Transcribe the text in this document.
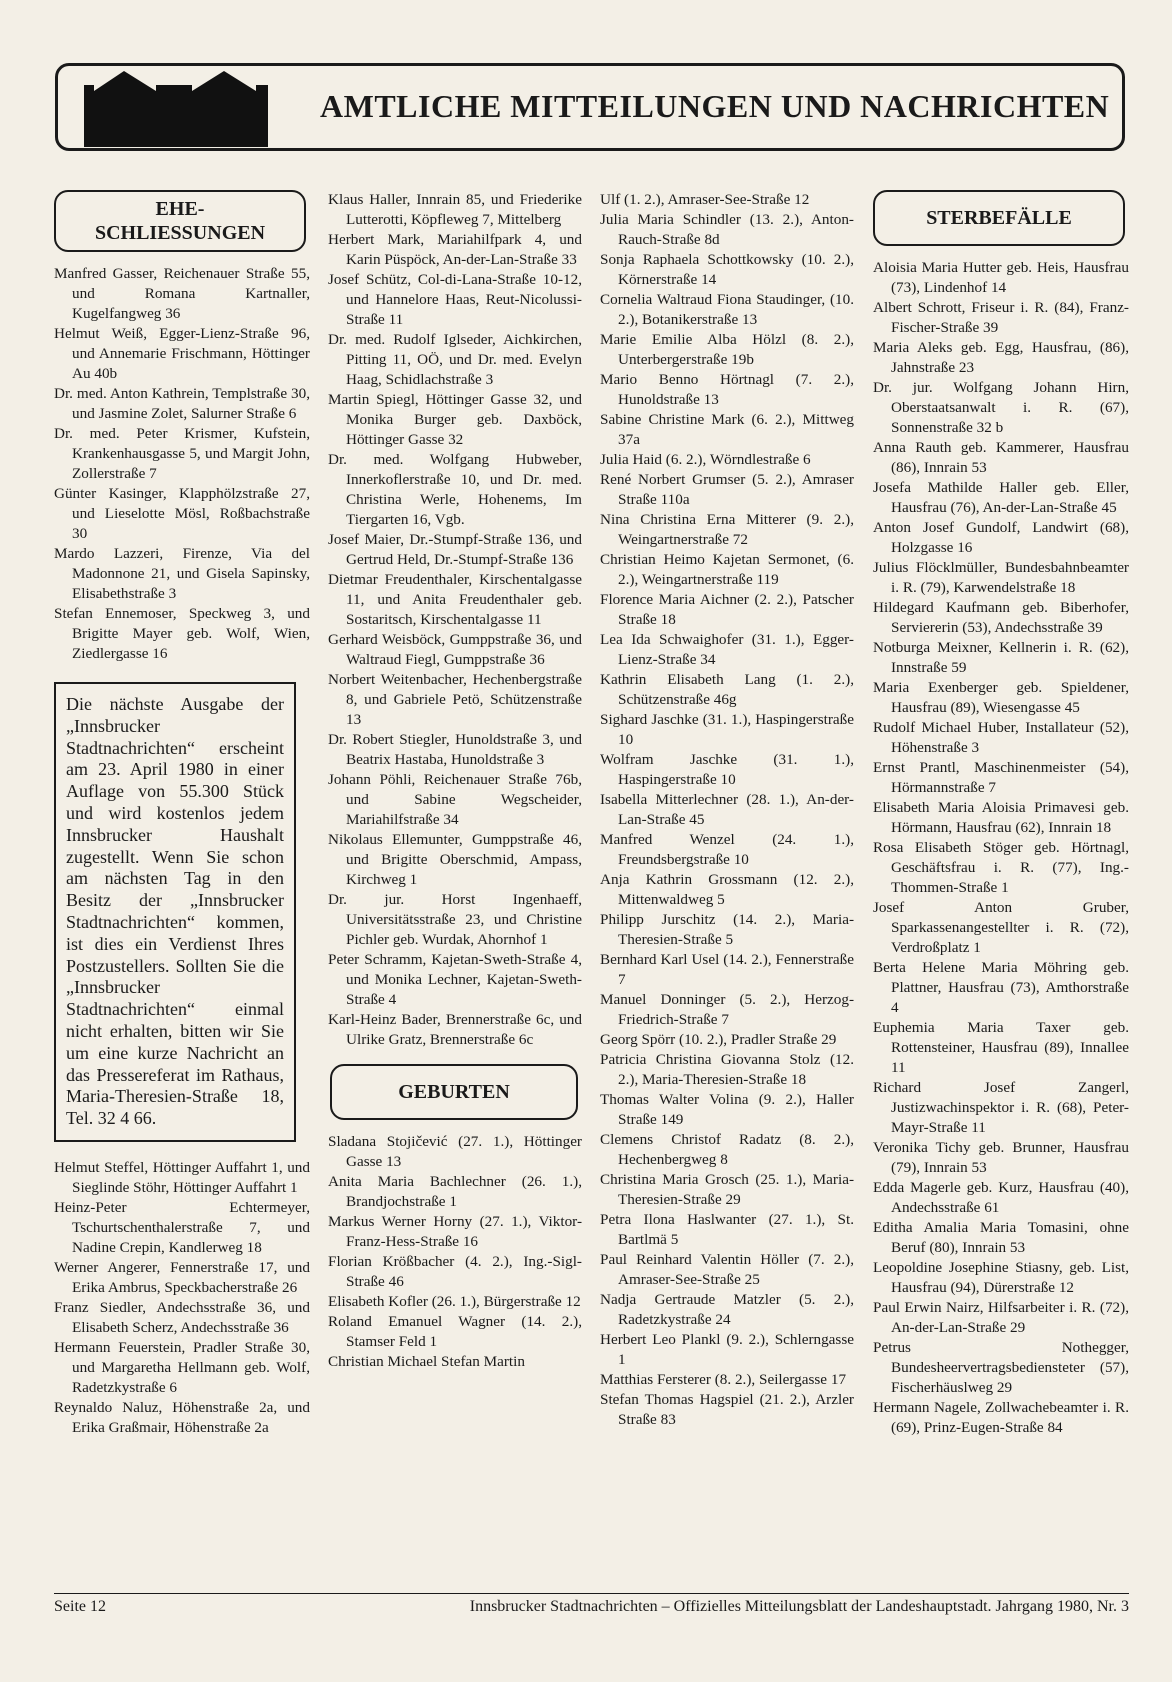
AMTLICHE MITTEILUNGEN UND NACHRICHTEN
EHE-
SCHLIESSUNGEN
Manfred Gasser, Reichenauer Straße 55, und Romana Kartnaller, Kugelfangweg 36
Helmut Weiß, Egger-Lienz-Straße 96, und Annemarie Frischmann, Höttinger Au 40b
Dr. med. Anton Kathrein, Templstraße 30, und Jasmine Zolet, Salurner Straße 6
Dr. med. Peter Krismer, Kufstein, Krankenhausgasse 5, und Margit John, Zollerstraße 7
Günter Kasinger, Klapphölzstraße 27, und Lieselotte Mösl, Roßbachstraße 30
Mardo Lazzeri, Firenze, Via del Madonnone 21, und Gisela Sapinsky, Elisabethstraße 3
Stefan Ennemoser, Speckweg 3, und Brigitte Mayer geb. Wolf, Wien, Ziedlergasse 16
Die nächste Ausgabe der „Innsbrucker Stadtnachrichten“ erscheint am 23. April 1980 in einer Auflage von 55.300 Stück und wird kostenlos jedem Innsbrucker Haushalt zugestellt. Wenn Sie schon am nächsten Tag in den Besitz der „Innsbrucker Stadtnachrichten“ kommen, ist dies ein Verdienst Ihres Postzustellers. Sollten Sie die „Innsbrucker Stadtnachrichten“ einmal nicht erhalten, bitten wir Sie um eine kurze Nachricht an das Pressereferat im Rathaus, Maria-Theresien-Straße 18, Tel. 32 4 66.
Helmut Steffel, Höttinger Auffahrt 1, und Sieglinde Stöhr, Höttinger Auffahrt 1
Heinz-Peter Echtermeyer, Tschurtschenthalerstraße 7, und Nadine Crepin, Kandlerweg 18
Werner Angerer, Fennerstraße 17, und Erika Ambrus, Speckbacherstraße 26
Franz Siedler, Andechsstraße 36, und Elisabeth Scherz, Andechsstraße 36
Hermann Feuerstein, Pradler Straße 30, und Margaretha Hellmann geb. Wolf, Radetzkystraße 6
Reynaldo Naluz, Höhenstraße 2a, und Erika Graßmair, Höhenstraße 2a
Klaus Haller, Innrain 85, und Friederike Lutterotti, Köpfleweg 7, Mittelberg
Herbert Mark, Mariahilfpark 4, und Karin Püspöck, An-der-Lan-Straße 33
Josef Schütz, Col-di-Lana-Straße 10-12, und Hannelore Haas, Reut-Nicolussi-Straße 11
Dr. med. Rudolf Iglseder, Aichkirchen, Pitting 11, OÖ, und Dr. med. Evelyn Haag, Schidlachstraße 3
Martin Spiegl, Höttinger Gasse 32, und Monika Burger geb. Daxböck, Höttinger Gasse 32
Dr. med. Wolfgang Hubweber, Innerkoflerstraße 10, und Dr. med. Christina Werle, Hohenems, Im Tiergarten 16, Vgb.
Josef Maier, Dr.-Stumpf-Straße 136, und Gertrud Held, Dr.-Stumpf-Straße 136
Dietmar Freudenthaler, Kirschentalgasse 11, und Anita Freudenthaler geb. Sostaritsch, Kirschentalgasse 11
Gerhard Weisböck, Gumppstraße 36, und Waltraud Fiegl, Gumppstraße 36
Norbert Weitenbacher, Hechenbergstraße 8, und Gabriele Petö, Schützenstraße 13
Dr. Robert Stiegler, Hunoldstraße 3, und Beatrix Hastaba, Hunoldstraße 3
Johann Pöhli, Reichenauer Straße 76b, und Sabine Wegscheider, Mariahilfstraße 34
Nikolaus Ellemunter, Gumppstraße 46, und Brigitte Oberschmid, Ampass, Kirchweg 1
Dr. jur. Horst Ingenhaeff, Universitätsstraße 23, und Christine Pichler geb. Wurdak, Ahornhof 1
Peter Schramm, Kajetan-Sweth-Straße 4, und Monika Lechner, Kajetan-Sweth-Straße 4
Karl-Heinz Bader, Brennerstraße 6c, und Ulrike Gratz, Brennerstraße 6c
GEBURTEN
Sladana Stojičević (27. 1.), Höttinger Gasse 13
Anita Maria Bachlechner (26. 1.), Brandjochstraße 1
Markus Werner Horny (27. 1.), Viktor-Franz-Hess-Straße 16
Florian Krößbacher (4. 2.), Ing.-Sigl-Straße 46
Elisabeth Kofler (26. 1.), Bürgerstraße 12
Roland Emanuel Wagner (14. 2.), Stamser Feld 1
Christian Michael Stefan Martin
Ulf (1. 2.), Amraser-See-Straße 12
Julia Maria Schindler (13. 2.), Anton-Rauch-Straße 8d
Sonja Raphaela Schottkowsky (10. 2.), Körnerstraße 14
Cornelia Waltraud Fiona Staudinger, (10. 2.), Botanikerstraße 13
Marie Emilie Alba Hölzl (8. 2.), Unterbergerstraße 19b
Mario Benno Hörtnagl (7. 2.), Hunoldstraße 13
Sabine Christine Mark (6. 2.), Mittweg 37a
Julia Haid (6. 2.), Wörndlestraße 6
René Norbert Grumser (5. 2.), Amraser Straße 110a
Nina Christina Erna Mitterer (9. 2.), Weingartnerstraße 72
Christian Heimo Kajetan Sermonet, (6. 2.), Weingartnerstraße 119
Florence Maria Aichner (2. 2.), Patscher Straße 18
Lea Ida Schwaighofer (31. 1.), Egger-Lienz-Straße 34
Kathrin Elisabeth Lang (1. 2.), Schützenstraße 46g
Sighard Jaschke (31. 1.), Haspingerstraße 10
Wolfram Jaschke (31. 1.), Haspingerstraße 10
Isabella Mitterlechner (28. 1.), An-der-Lan-Straße 45
Manfred Wenzel (24. 1.), Freundsbergstraße 10
Anja Kathrin Grossmann (12. 2.), Mittenwaldweg 5
Philipp Jurschitz (14. 2.), Maria-Theresien-Straße 5
Bernhard Karl Usel (14. 2.), Fennerstraße 7
Manuel Donninger (5. 2.), Herzog-Friedrich-Straße 7
Georg Spörr (10. 2.), Pradler Straße 29
Patricia Christina Giovanna Stolz (12. 2.), Maria-Theresien-Straße 18
Thomas Walter Volina (9. 2.), Haller Straße 149
Clemens Christof Radatz (8. 2.), Hechenbergweg 8
Christina Maria Grosch (25. 1.), Maria-Theresien-Straße 29
Petra Ilona Haslwanter (27. 1.), St. Bartlmä 5
Paul Reinhard Valentin Höller (7. 2.), Amraser-See-Straße 25
Nadja Gertraude Matzler (5. 2.), Radetzkystraße 24
Herbert Leo Plankl (9. 2.), Schlerngasse 1
Matthias Fersterer (8. 2.), Seilergasse 17
Stefan Thomas Hagspiel (21. 2.), Arzler Straße 83
STERBEFÄLLE
Aloisia Maria Hutter geb. Heis, Hausfrau (73), Lindenhof 14
Albert Schrott, Friseur i. R. (84), Franz-Fischer-Straße 39
Maria Aleks geb. Egg, Hausfrau, (86), Jahnstraße 23
Dr. jur. Wolfgang Johann Hirn, Oberstaatsanwalt i. R. (67), Sonnenstraße 32 b
Anna Rauth geb. Kammerer, Hausfrau (86), Innrain 53
Josefa Mathilde Haller geb. Eller, Hausfrau (76), An-der-Lan-Straße 45
Anton Josef Gundolf, Landwirt (68), Holzgasse 16
Julius Flöcklmüller, Bundesbahnbeamter i. R. (79), Karwendelstraße 18
Hildegard Kaufmann geb. Biberhofer, Serviererin (53), Andechsstraße 39
Notburga Meixner, Kellnerin i. R. (62), Innstraße 59
Maria Exenberger geb. Spieldener, Hausfrau (89), Wiesengasse 45
Rudolf Michael Huber, Installateur (52), Höhenstraße 3
Ernst Prantl, Maschinenmeister (54), Hörmannstraße 7
Elisabeth Maria Aloisia Primavesi geb. Hörmann, Hausfrau (62), Innrain 18
Rosa Elisabeth Stöger geb. Hörtnagl, Geschäftsfrau i. R. (77), Ing.-Thommen-Straße 1
Josef Anton Gruber, Sparkassenangestellter i. R. (72), Verdroßplatz 1
Berta Helene Maria Möhring geb. Plattner, Hausfrau (73), Amthorstraße 4
Euphemia Maria Taxer geb. Rottensteiner, Hausfrau (89), Innallee 11
Richard Josef Zangerl, Justizwachinspektor i. R. (68), Peter-Mayr-Straße 11
Veronika Tichy geb. Brunner, Hausfrau (79), Innrain 53
Edda Magerle geb. Kurz, Hausfrau (40), Andechsstraße 61
Editha Amalia Maria Tomasini, ohne Beruf (80), Innrain 53
Leopoldine Josephine Stiasny, geb. List, Hausfrau (94), Dürerstraße 12
Paul Erwin Nairz, Hilfsarbeiter i. R. (72), An-der-Lan-Straße 29
Petrus Nothegger, Bundesheervertragsbediensteter (57), Fischerhäuslweg 29
Hermann Nagele, Zollwachebeamter i. R. (69), Prinz-Eugen-Straße 84
Seite 12	Innsbrucker Stadtnachrichten – Offizielles Mitteilungsblatt der Landeshauptstadt. Jahrgang 1980, Nr. 3
